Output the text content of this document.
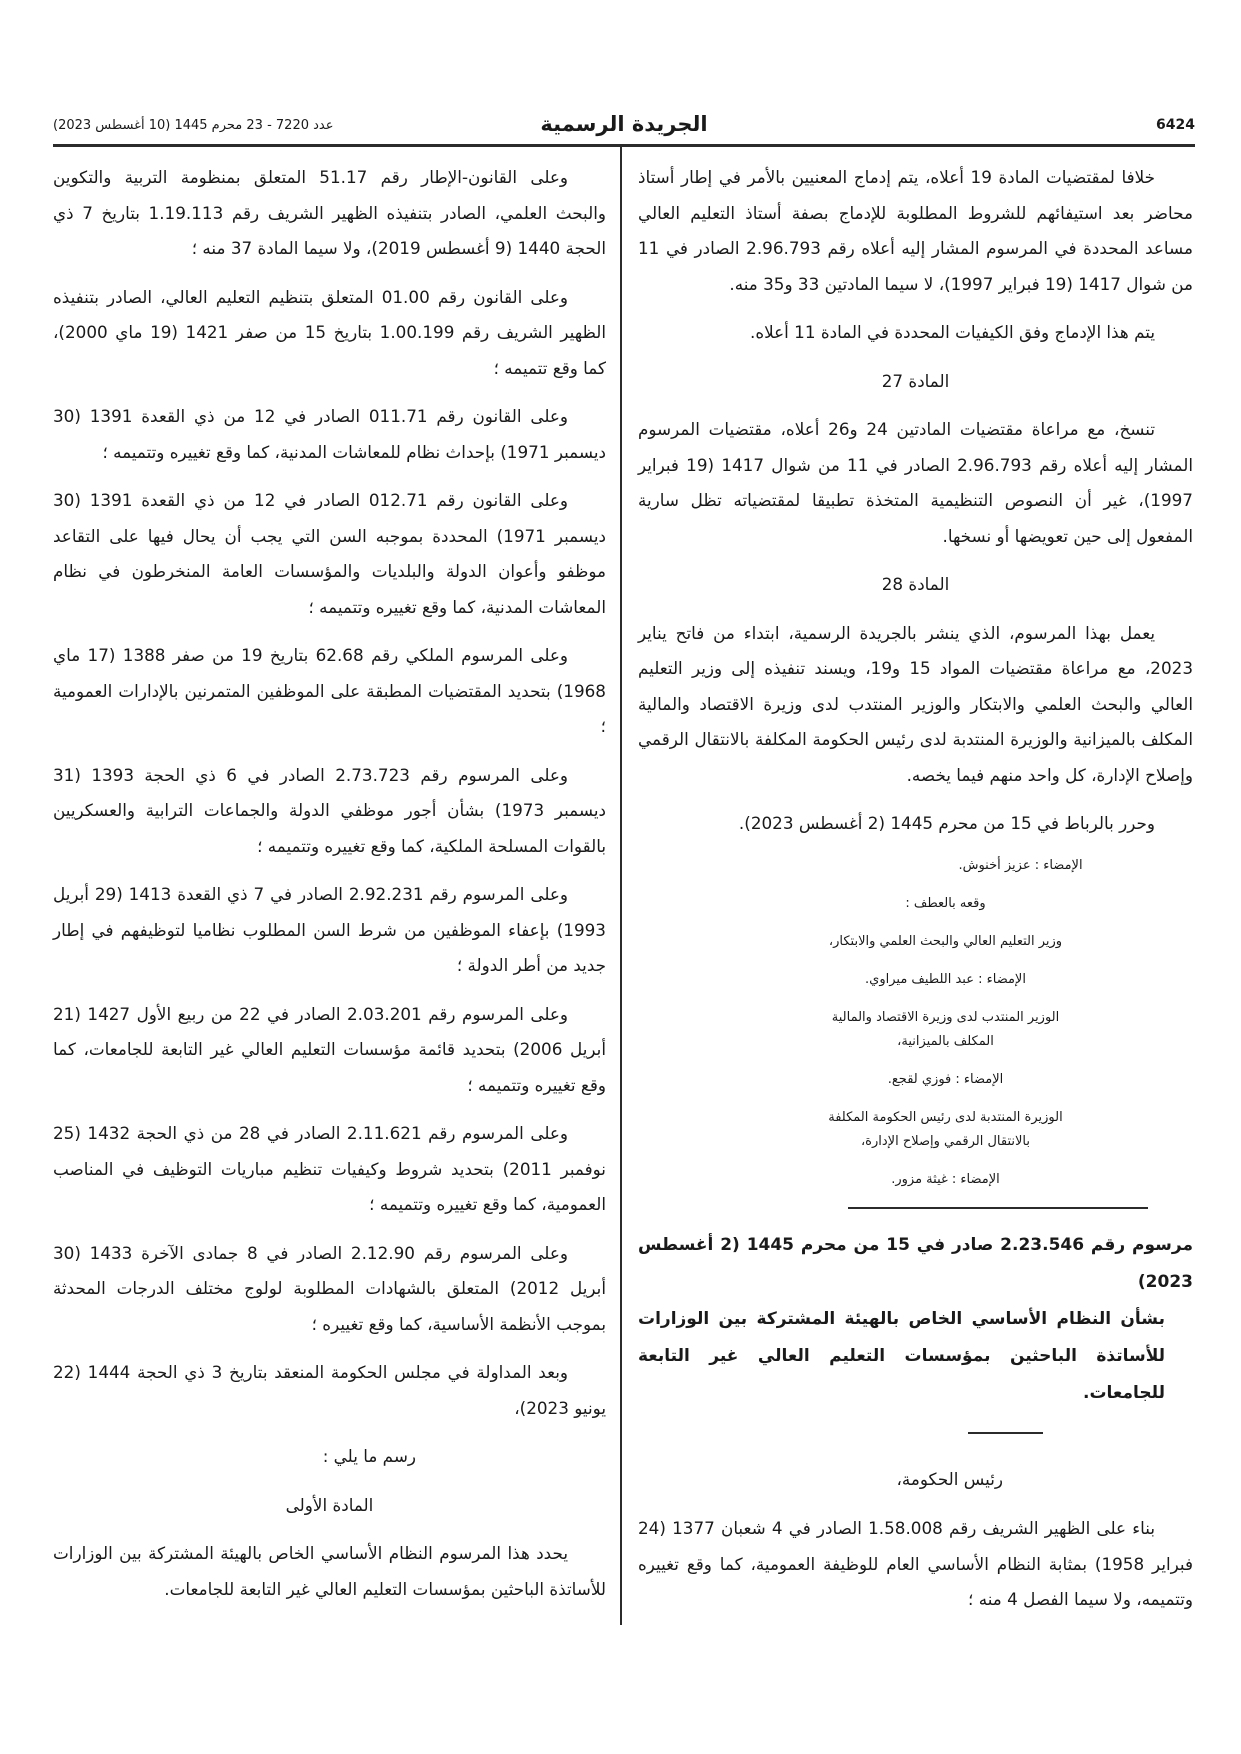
6424
الجريدة الرسمية
عدد 7220 - 23 محرم 1445 (10 أغسطس 2023)

خلافا لمقتضيات المادة 19 أعلاه، يتم إدماج المعنيين بالأمر في إطار أستاذ محاضر بعد استيفائهم للشروط المطلوبة للإدماج بصفة أستاذ التعليم العالي مساعد المحددة في المرسوم المشار إليه أعلاه رقم 2.96.793 الصادر في 11 من شوال 1417 (19 فبراير 1997)، لا سيما المادتين 33 و35 منه.

يتم هذا الإدماج وفق الكيفيات المحددة في المادة 11 أعلاه.

المادة 27

تنسخ، مع مراعاة مقتضيات المادتين 24 و26 أعلاه، مقتضيات المرسوم المشار إليه أعلاه رقم 2.96.793 الصادر في 11 من شوال 1417 (19 فبراير 1997)، غير أن النصوص التنظيمية المتخذة تطبيقا لمقتضياته تظل سارية المفعول إلى حين تعويضها أو نسخها.

المادة 28

يعمل بهذا المرسوم، الذي ينشر بالجريدة الرسمية، ابتداء من فاتح يناير 2023، مع مراعاة مقتضيات المواد 15 و19، ويسند تنفيذه إلى وزير التعليم العالي والبحث العلمي والابتكار والوزير المنتدب لدى وزيرة الاقتصاد والمالية المكلف بالميزانية والوزيرة المنتدبة لدى رئيس الحكومة المكلفة بالانتقال الرقمي وإصلاح الإدارة، كل واحد منهم فيما يخصه.

وحرر بالرباط في 15 من محرم 1445 (2 أغسطس 2023).

الإمضاء : عزيز أخنوش.

وقعه بالعطف :

وزير التعليم العالي والبحث العلمي والابتكار،

الإمضاء : عبد اللطيف ميراوي.

الوزير المنتدب لدى وزيرة الاقتصاد والمالية

المكلف بالميزانية،

الإمضاء : فوزي لقجع.

الوزيرة المنتدبة لدى رئيس الحكومة المكلفة

بالانتقال الرقمي وإصلاح الإدارة،

الإمضاء : غيثة مزور.

مرسوم رقم 2.23.546 صادر في 15 من محرم 1445 (2 أغسطس 2023)
بشأن النظام الأساسي الخاص بالهيئة المشتركة بين الوزارات للأساتذة الباحثين بمؤسسات التعليم العالي غير التابعة للجامعات.

رئيس الحكومة،

بناء على الظهير الشريف رقم 1.58.008 الصادر في 4 شعبان 1377 (24 فبراير 1958) بمثابة النظام الأساسي العام للوظيفة العمومية، كما وقع تغييره وتتميمه، ولا سيما الفصل 4 منه ؛

وعلى القانون-الإطار رقم 51.17 المتعلق بمنظومة التربية والتكوين والبحث العلمي، الصادر بتنفيذه الظهير الشريف رقم 1.19.113 بتاريخ 7 ذي الحجة 1440 (9 أغسطس 2019)، ولا سيما المادة 37 منه ؛

وعلى القانون رقم 01.00 المتعلق بتنظيم التعليم العالي، الصادر بتنفيذه الظهير الشريف رقم 1.00.199 بتاريخ 15 من صفر 1421 (19 ماي 2000)، كما وقع تتميمه ؛

وعلى القانون رقم 011.71 الصادر في 12 من ذي القعدة 1391 (30 ديسمبر 1971) بإحداث نظام للمعاشات المدنية، كما وقع تغييره وتتميمه ؛

وعلى القانون رقم 012.71 الصادر في 12 من ذي القعدة 1391 (30 ديسمبر 1971) المحددة بموجبه السن التي يجب أن يحال فيها على التقاعد موظفو وأعوان الدولة والبلديات والمؤسسات العامة المنخرطون في نظام المعاشات المدنية، كما وقع تغييره وتتميمه ؛

وعلى المرسوم الملكي رقم 62.68 بتاريخ 19 من صفر 1388 (17 ماي 1968) بتحديد المقتضيات المطبقة على الموظفين المتمرنين بالإدارات العمومية ؛

وعلى المرسوم رقم 2.73.723 الصادر في 6 ذي الحجة 1393 (31 ديسمبر 1973) بشأن أجور موظفي الدولة والجماعات الترابية والعسكريين بالقوات المسلحة الملكية، كما وقع تغييره وتتميمه ؛

وعلى المرسوم رقم 2.92.231 الصادر في 7 ذي القعدة 1413 (29 أبريل 1993) بإعفاء الموظفين من شرط السن المطلوب نظاميا لتوظيفهم في إطار جديد من أطر الدولة ؛

وعلى المرسوم رقم 2.03.201 الصادر في 22 من ربيع الأول 1427 (21 أبريل 2006) بتحديد قائمة مؤسسات التعليم العالي غير التابعة للجامعات، كما وقع تغييره وتتميمه ؛

وعلى المرسوم رقم 2.11.621 الصادر في 28 من ذي الحجة 1432 (25 نوفمبر 2011) بتحديد شروط وكيفيات تنظيم مباريات التوظيف في المناصب العمومية، كما وقع تغييره وتتميمه ؛

وعلى المرسوم رقم 2.12.90 الصادر في 8 جمادى الآخرة 1433 (30 أبريل 2012) المتعلق بالشهادات المطلوبة لولوج مختلف الدرجات المحدثة بموجب الأنظمة الأساسية، كما وقع تغييره ؛

وبعد المداولة في مجلس الحكومة المنعقد بتاريخ 3 ذي الحجة 1444 (22 يونيو 2023)،

رسم ما يلي :

المادة الأولى

يحدد هذا المرسوم النظام الأساسي الخاص بالهيئة المشتركة بين الوزارات للأساتذة الباحثين بمؤسسات التعليم العالي غير التابعة للجامعات.
